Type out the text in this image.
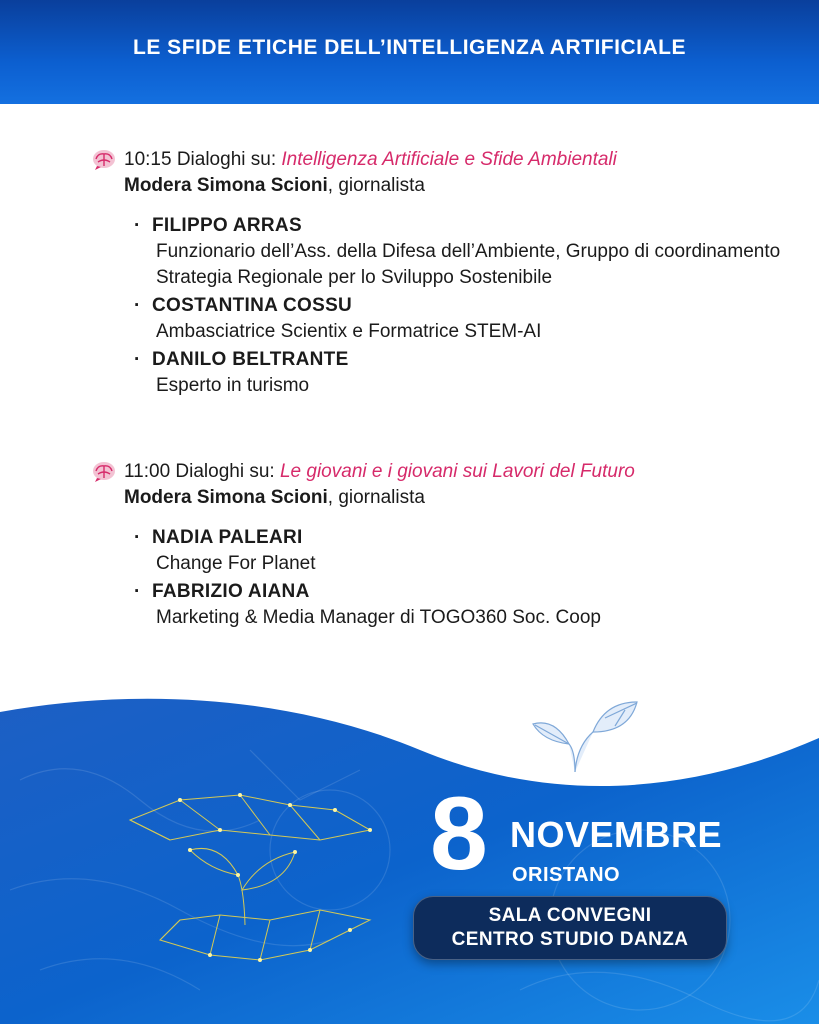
LE SFIDE ETICHE DELL’INTELLIGENZA ARTIFICIALE
10:15 Dialoghi su: Intelligenza Artificiale e Sfide Ambientali
Modera Simona Scioni, giornalista
· FILIPPO ARRAS
Funzionario dell’Ass. della Difesa dell’Ambiente, Gruppo di coordinamento Strategia Regionale per lo Sviluppo Sostenibile
· COSTANTINA COSSU
Ambasciatrice Scientix e Formatrice STEM-AI
· DANILO BELTRANTE
Esperto in turismo
11:00 Dialoghi su: Le giovani e i giovani sui Lavori del Futuro
Modera Simona Scioni, giornalista
· NADIA PALEARI
Change For Planet
· FABRIZIO AIANA
Marketing & Media Manager di TOGO360 Soc. Coop
8 NOVEMBRE
ORISTANO
SALA CONVEGNI
CENTRO STUDIO DANZA
